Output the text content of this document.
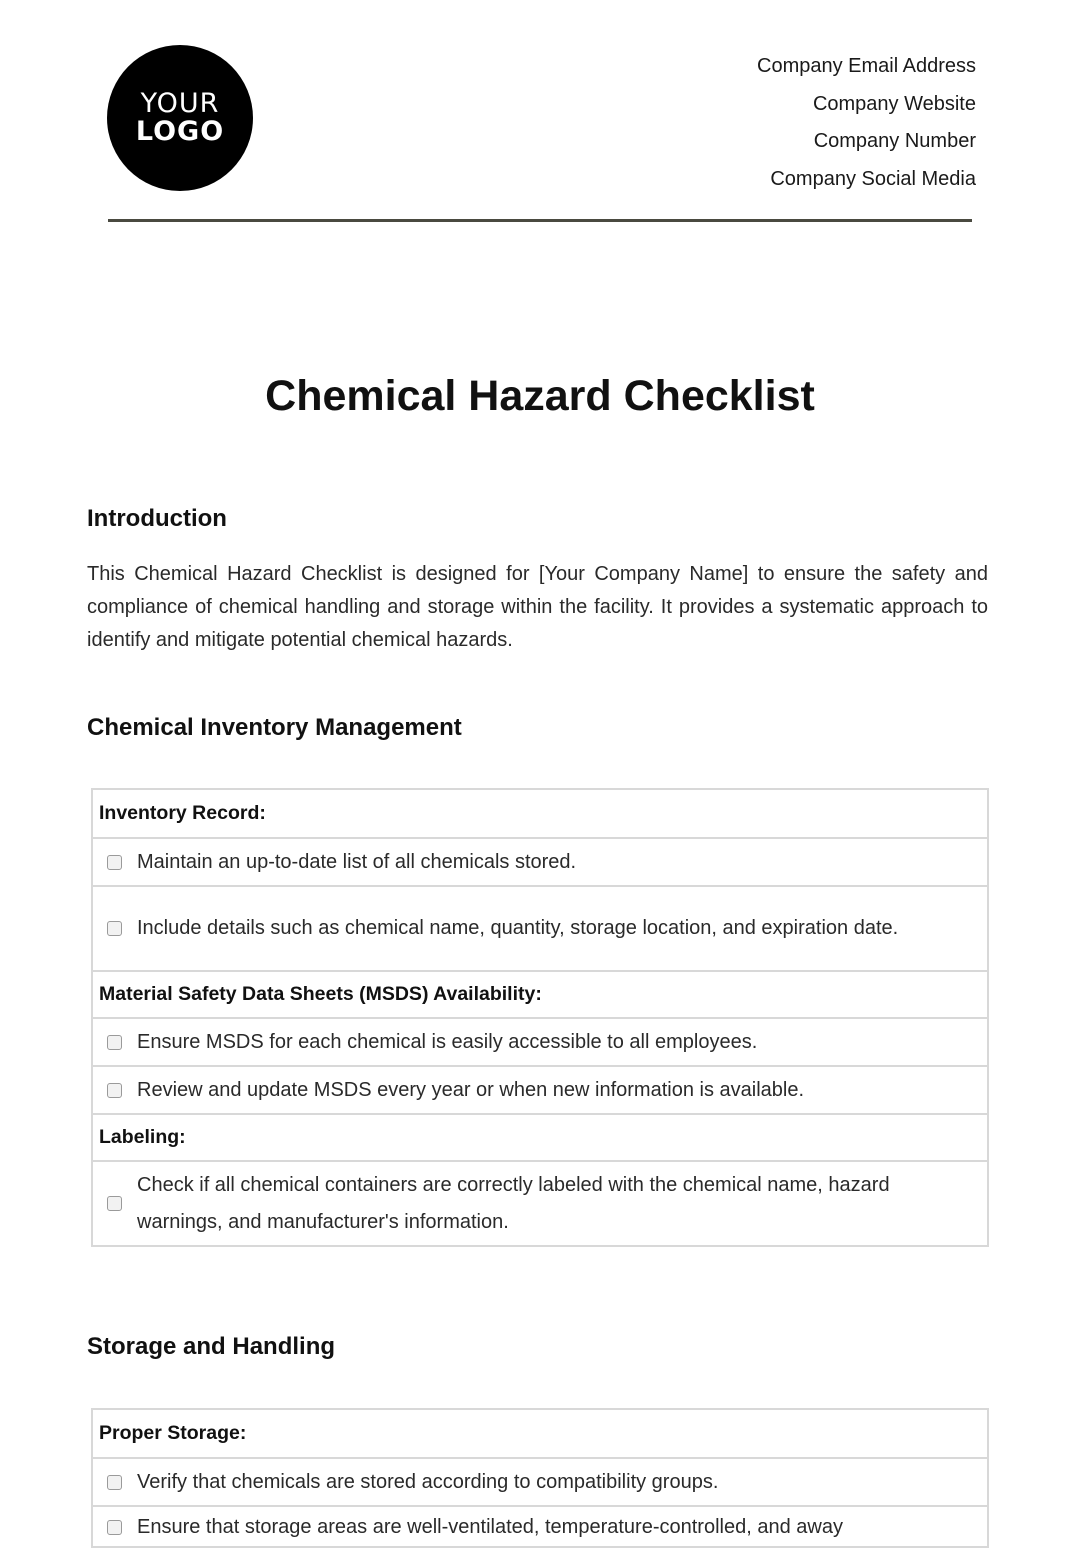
YOUR
LOGO
Company Email Address
Company Website
Company Number
Company Social Media
Chemical Hazard Checklist
Introduction
This Chemical Hazard Checklist is designed for [Your Company Name] to ensure the safety and compliance of chemical handling and storage within the facility. It provides a systematic approach to identify and mitigate potential chemical hazards.
Chemical Inventory Management
Inventory Record:
Maintain an up-to-date list of all chemicals stored.
Include details such as chemical name, quantity, storage location, and expiration date.
Material Safety Data Sheets (MSDS) Availability:
Ensure MSDS for each chemical is easily accessible to all employees.
Review and update MSDS every year or when new information is available.
Labeling:
Check if all chemical containers are correctly labeled with the chemical name, hazard warnings, and manufacturer's information.
Storage and Handling
Proper Storage:
Verify that chemicals are stored according to compatibility groups.
Ensure that storage areas are well-ventilated, temperature-controlled, and away
